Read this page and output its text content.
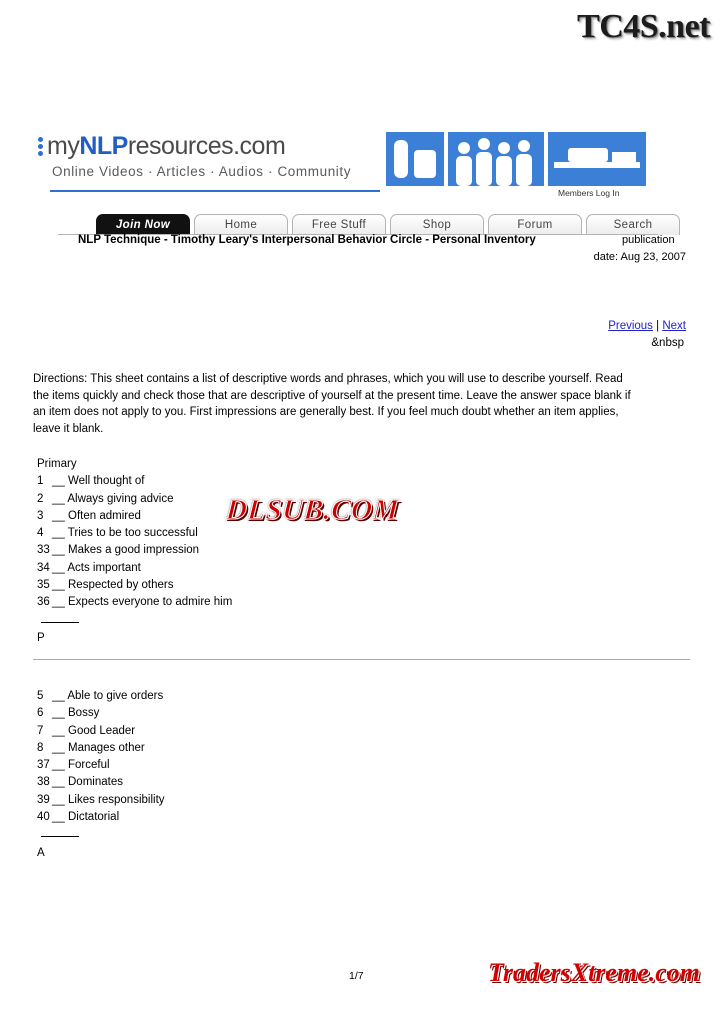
TC4S.net
myNLPresources.com
Online Videos · Articles · Audios · Community
Members Log In
Join Now	Home	Free Stuff	Shop	Forum	Search
NLP Technique - Timothy Leary's Interpersonal Behavior Circle - Personal Inventory	publication
date: Aug 23, 2007
Previous | Next
&nbsp
Directions: This sheet contains a list of descriptive words and phrases, which you will use to describe yourself. Read the items quickly and check those that are descriptive of yourself at the present time. Leave the answer space blank if an item does not apply to you. First impressions are generally best. If you feel much doubt whether an item applies, leave it blank.
Primary
1 __ Well thought of
2 __ Always giving advice
3 __ Often admired
4 __ Tries to be too successful
33 __ Makes a good impression
34 __ Acts important
35 __ Respected by others
36 __ Expects everyone to admire him
P
5 __ Able to give orders
6 __ Bossy
7 __ Good Leader
8 __ Manages other
37 __ Forceful
38 __ Dominates
39 __ Likes responsibility
40 __ Dictatorial
A
DLSUB.COM
1/7	TradersXtreme.com
